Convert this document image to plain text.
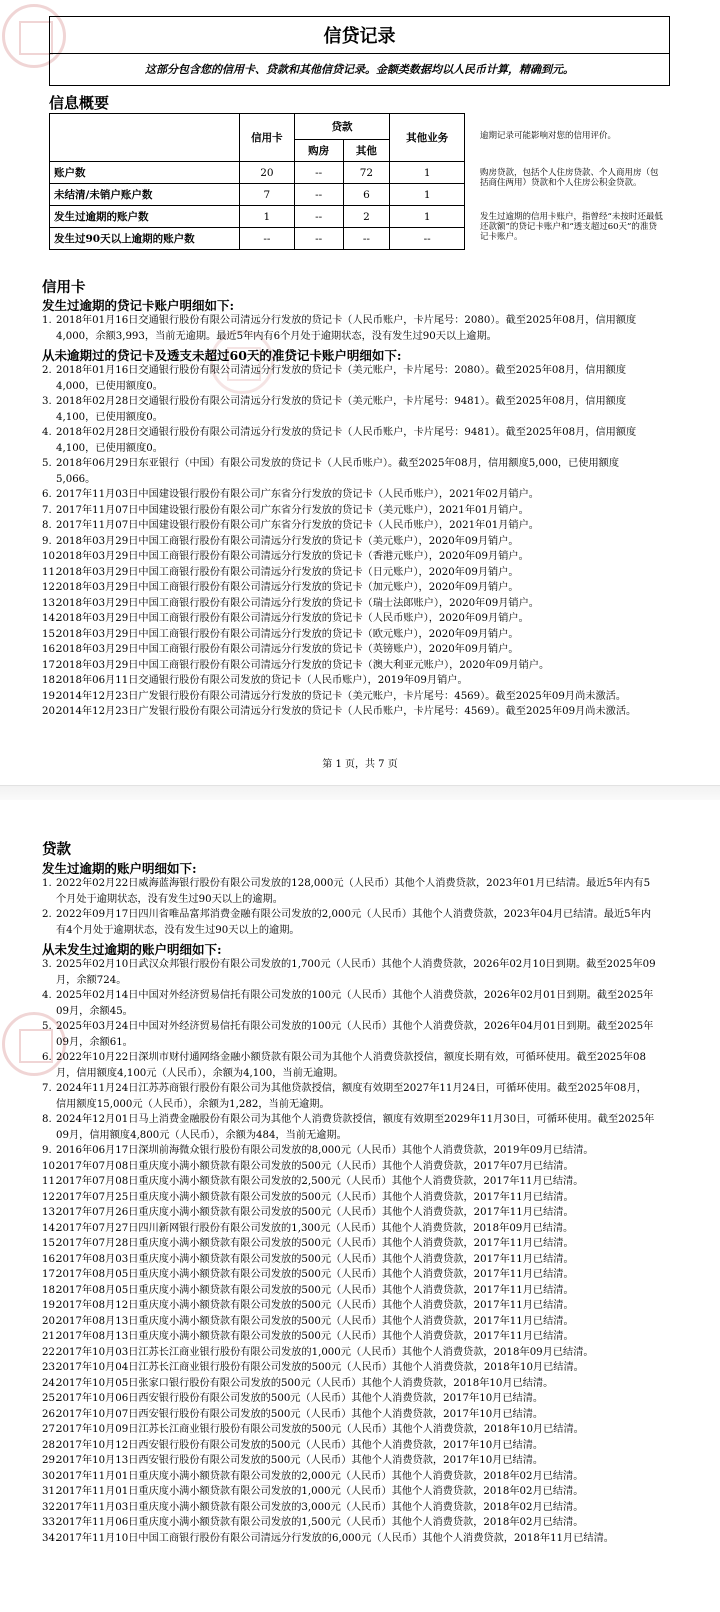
信贷记录
这部分包含您的信用卡、贷款和其他信贷记录。金额类数据均以人民币计算，精确到元。
信息概要
	信用卡	贷款		其他业务
		购房	其他	
账户数	20	--	72	1
未结清/未销户账户数	7	--	6	1
发生过逾期的账户数	1	--	2	1
发生过90天以上逾期的账户数	--	--	--	--
逾期记录可能影响对您的信用评价。
购房贷款，包括个人住房贷款、个人商用房（包括商住两用）贷款和个人住房公积金贷款。
发生过逾期的信用卡账户，指曾经“未按时还最低还款额”的贷记卡账户和“透支超过60天”的准贷记卡账户。
信用卡
发生过逾期的贷记卡账户明细如下:
1. 2018年01月16日交通银行股份有限公司清远分行发放的贷记卡（人民币账户，卡片尾号：2080）。截至2025年08月，信用额度4,000，余额3,993，当前无逾期。最近5年内有6个月处于逾期状态，没有发生过90天以上逾期。
从未逾期过的贷记卡及透支未超过60天的准贷记卡账户明细如下:
2. 2018年01月16日交通银行股份有限公司清远分行发放的贷记卡（美元账户，卡片尾号：2080）。截至2025年08月，信用额度4,000，已使用额度0。
3. 2018年02月28日交通银行股份有限公司清远分行发放的贷记卡（美元账户，卡片尾号：9481）。截至2025年08月，信用额度4,100，已使用额度0。
4. 2018年02月28日交通银行股份有限公司清远分行发放的贷记卡（人民币账户，卡片尾号：9481）。截至2025年08月，信用额度4,100，已使用额度0。
5. 2018年06月29日东亚银行（中国）有限公司发放的贷记卡（人民币账户）。截至2025年08月，信用额度5,000，已使用额度5,066。
6. 2017年11月03日中国建设银行股份有限公司广东省分行发放的贷记卡（人民币账户），2021年02月销户。
7. 2017年11月07日中国建设银行股份有限公司广东省分行发放的贷记卡（美元账户），2021年01月销户。
8. 2017年11月07日中国建设银行股份有限公司广东省分行发放的贷记卡（人民币账户），2021年01月销户。
9. 2018年03月29日中国工商银行股份有限公司清远分行发放的贷记卡（美元账户），2020年09月销户。
10.
2018年03月29日中国工商银行股份有限公司清远分行发放的贷记卡（香港元账户），2020年09月销户。
11.
2018年03月29日中国工商银行股份有限公司清远分行发放的贷记卡（日元账户），2020年09月销户。
12.
2018年03月29日中国工商银行股份有限公司清远分行发放的贷记卡（加元账户），2020年09月销户。
13.
2018年03月29日中国工商银行股份有限公司清远分行发放的贷记卡（瑞士法郎账户），2020年09月销户。
14.
2018年03月29日中国工商银行股份有限公司清远分行发放的贷记卡（人民币账户），2020年09月销户。
15.
2018年03月29日中国工商银行股份有限公司清远分行发放的贷记卡（欧元账户），2020年09月销户。
16.
2018年03月29日中国工商银行股份有限公司清远分行发放的贷记卡（英镑账户），2020年09月销户。
17.
2018年03月29日中国工商银行股份有限公司清远分行发放的贷记卡（澳大利亚元账户），2020年09月销户。
18.
2018年06月11日交通银行股份有限公司发放的贷记卡（人民币账户），2019年09月销户。
19.
2014年12月23日广发银行股份有限公司清远分行发放的贷记卡（美元账户，卡片尾号：4569）。截至2025年09月尚未激活。
20.
2014年12月23日广发银行股份有限公司清远分行发放的贷记卡（人民币账户，卡片尾号：4569）。截至2025年09月尚未激活。
第 1 页，共 7 页
贷款
发生过逾期的账户明细如下:
1. 2022年02月22日威海蓝海银行股份有限公司发放的128,000元（人民币）其他个人消费贷款，2023年01月已结清。最近5年内有5个月处于逾期状态，没有发生过90天以上的逾期。
2. 2022年09月17日四川省唯品富邦消费金融有限公司发放的2,000元（人民币）其他个人消费贷款，2023年04月已结清。最近5年内有4个月处于逾期状态，没有发生过90天以上的逾期。
从未发生过逾期的账户明细如下:
3. 2025年02月10日武汉众邦银行股份有限公司发放的1,700元（人民币）其他个人消费贷款，2026年02月10日到期。截至2025年09月，余额724。
4. 2025年02月14日中国对外经济贸易信托有限公司发放的100元（人民币）其他个人消费贷款，2026年02月01日到期。截至2025年09月，余额45。
5. 2025年03月24日中国对外经济贸易信托有限公司发放的100元（人民币）其他个人消费贷款，2026年04月01日到期。截至2025年09月，余额61。
6. 2022年10月22日深圳市财付通网络金融小额贷款有限公司为其他个人消费贷款授信，额度长期有效，可循环使用。截至2025年08月，信用额度4,100元（人民币），余额为4,100，当前无逾期。
7. 2024年11月24日江苏苏商银行股份有限公司为其他贷款授信，额度有效期至2027年11月24日，可循环使用。截至2025年08月，信用额度15,000元（人民币），余额为1,282，当前无逾期。
8. 2024年12月01日马上消费金融股份有限公司为其他个人消费贷款授信，额度有效期至2029年11月30日，可循环使用。截至2025年09月，信用额度4,800元（人民币），余额为484，当前无逾期。
9. 2016年06月17日深圳前海微众银行股份有限公司发放的8,000元（人民币）其他个人消费贷款，2019年09月已结清。
10.
2017年07月08日重庆度小满小额贷款有限公司发放的500元（人民币）其他个人消费贷款，2017年07月已结清。
11.
2017年07月08日重庆度小满小额贷款有限公司发放的2,500元（人民币）其他个人消费贷款，2017年11月已结清。
12.
2017年07月25日重庆度小满小额贷款有限公司发放的500元（人民币）其他个人消费贷款，2017年11月已结清。
13.
2017年07月26日重庆度小满小额贷款有限公司发放的500元（人民币）其他个人消费贷款，2017年11月已结清。
14.
2017年07月27日四川新网银行股份有限公司发放的1,300元（人民币）其他个人消费贷款，2018年09月已结清。
15.
2017年07月28日重庆度小满小额贷款有限公司发放的500元（人民币）其他个人消费贷款，2017年11月已结清。
16.
2017年08月03日重庆度小满小额贷款有限公司发放的500元（人民币）其他个人消费贷款，2017年11月已结清。
17.
2017年08月05日重庆度小满小额贷款有限公司发放的500元（人民币）其他个人消费贷款，2017年11月已结清。
18.
2017年08月05日重庆度小满小额贷款有限公司发放的500元（人民币）其他个人消费贷款，2017年11月已结清。
19.
2017年08月12日重庆度小满小额贷款有限公司发放的500元（人民币）其他个人消费贷款，2017年11月已结清。
20.
2017年08月13日重庆度小满小额贷款有限公司发放的500元（人民币）其他个人消费贷款，2017年11月已结清。
21.
2017年08月13日重庆度小满小额贷款有限公司发放的500元（人民币）其他个人消费贷款，2017年11月已结清。
22.
2017年10月03日江苏长江商业银行股份有限公司发放的1,000元（人民币）其他个人消费贷款，2018年09月已结清。
23.
2017年10月04日江苏长江商业银行股份有限公司发放的500元（人民币）其他个人消费贷款，2018年10月已结清。
24.
2017年10月05日张家口银行股份有限公司发放的500元（人民币）其他个人消费贷款，2018年10月已结清。
25.
2017年10月06日西安银行股份有限公司发放的500元（人民币）其他个人消费贷款，2017年10月已结清。
26.
2017年10月07日西安银行股份有限公司发放的500元（人民币）其他个人消费贷款，2017年10月已结清。
27.
2017年10月09日江苏长江商业银行股份有限公司发放的500元（人民币）其他个人消费贷款，2018年10月已结清。
28.
2017年10月12日西安银行股份有限公司发放的500元（人民币）其他个人消费贷款，2017年10月已结清。
29.
2017年10月13日西安银行股份有限公司发放的500元（人民币）其他个人消费贷款，2017年10月已结清。
30.
2017年11月01日重庆度小满小额贷款有限公司发放的2,000元（人民币）其他个人消费贷款，2018年02月已结清。
31.
2017年11月01日重庆度小满小额贷款有限公司发放的1,000元（人民币）其他个人消费贷款，2018年02月已结清。
32.
2017年11月03日重庆度小满小额贷款有限公司发放的3,000元（人民币）其他个人消费贷款，2018年02月已结清。
33.
2017年11月06日重庆度小满小额贷款有限公司发放的1,500元（人民币）其他个人消费贷款，2018年02月已结清。
34.
2017年11月10日中国工商银行股份有限公司清远分行发放的6,000元（人民币）其他个人消费贷款，2018年11月已结清。
